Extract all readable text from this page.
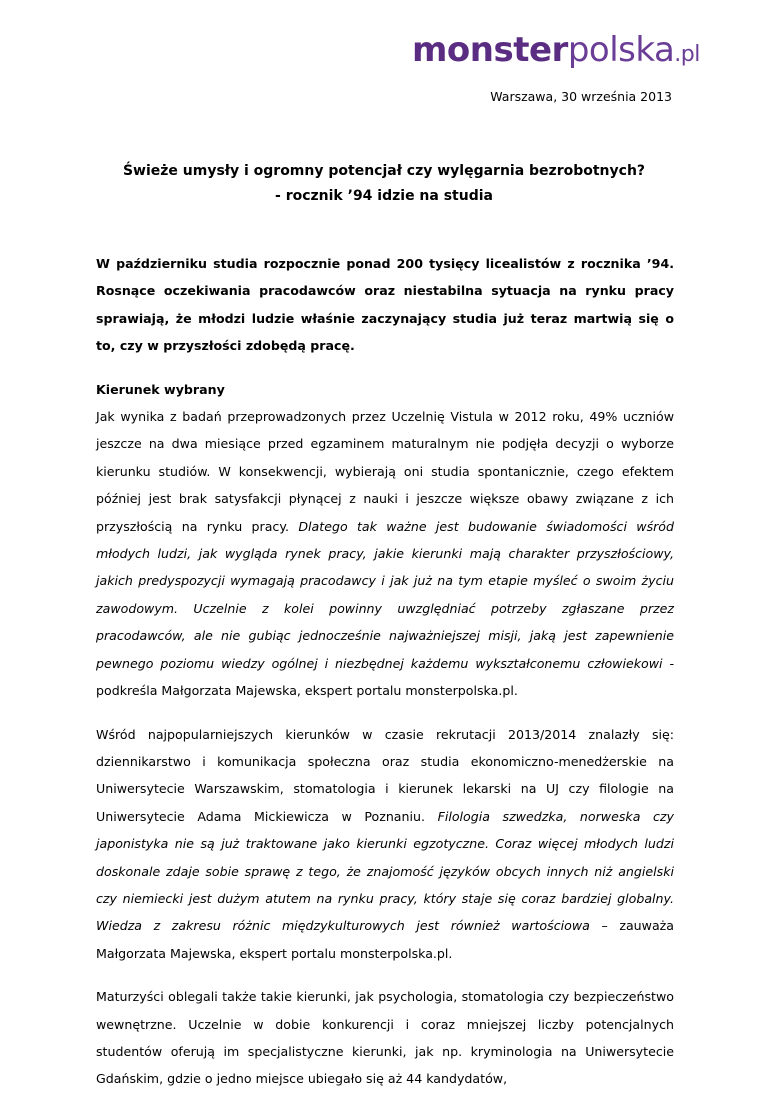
monsterpolska.pl
Warszawa, 30 września 2013
Świeże umysły i ogromny potencjał czy wylęgarnia bezrobotnych?
- rocznik ’94 idzie na studia

W październiku studia rozpocznie ponad 200 tysięcy licealistów z rocznika ’94. Rosnące oczekiwania pracodawców oraz niestabilna sytuacja na rynku pracy sprawiają, że młodzi ludzie właśnie zaczynający studia już teraz martwią się o to, czy w przyszłości zdobędą pracę.

Kierunek wybrany
Jak wynika z badań przeprowadzonych przez Uczelnię Vistula w 2012 roku, 49% uczniów jeszcze na dwa miesiące przed egzaminem maturalnym nie podjęła decyzji o wyborze kierunku studiów. W konsekwencji, wybierają oni studia spontanicznie, czego efektem później jest brak satysfakcji płynącej z nauki i jeszcze większe obawy związane z ich przyszłością na rynku pracy. Dlatego tak ważne jest budowanie świadomości wśród młodych ludzi, jak wygląda rynek pracy, jakie kierunki mają charakter przyszłościowy, jakich predyspozycji wymagają pracodawcy i jak już na tym etapie myśleć o swoim życiu zawodowym. Uczelnie z kolei powinny uwzględniać potrzeby zgłaszane przez pracodawców, ale nie gubiąc jednocześnie najważniejszej misji, jaką jest zapewnienie pewnego poziomu wiedzy ogólnej i niezbędnej każdemu wykształconemu człowiekowi - podkreśla Małgorzata Majewska, ekspert portalu monsterpolska.pl.

Wśród najpopularniejszych kierunków w czasie rekrutacji 2013/2014 znalazły się: dziennikarstwo i komunikacja społeczna oraz studia ekonomiczno-menedżerskie na Uniwersytecie Warszawskim, stomatologia i kierunek lekarski na UJ czy filologie na Uniwersytecie Adama Mickiewicza w Poznaniu. Filologia szwedzka, norweska czy japonistyka nie są już traktowane jako kierunki egzotyczne. Coraz więcej młodych ludzi doskonale zdaje sobie sprawę z tego, że znajomość języków obcych innych niż angielski czy niemiecki jest dużym atutem na rynku pracy, który staje się coraz bardziej globalny. Wiedza z zakresu różnic międzykulturowych jest również wartościowa – zauważa Małgorzata Majewska, ekspert portalu monsterpolska.pl.

Maturzyści oblegali także takie kierunki, jak psychologia, stomatologia czy bezpieczeństwo wewnętrzne. Uczelnie w dobie konkurencji i coraz mniejszej liczby potencjalnych studentów oferują im specjalistyczne kierunki, jak np. kryminologia na Uniwersytecie Gdańskim, gdzie o jedno miejsce ubiegało się aż 44 kandydatów,
